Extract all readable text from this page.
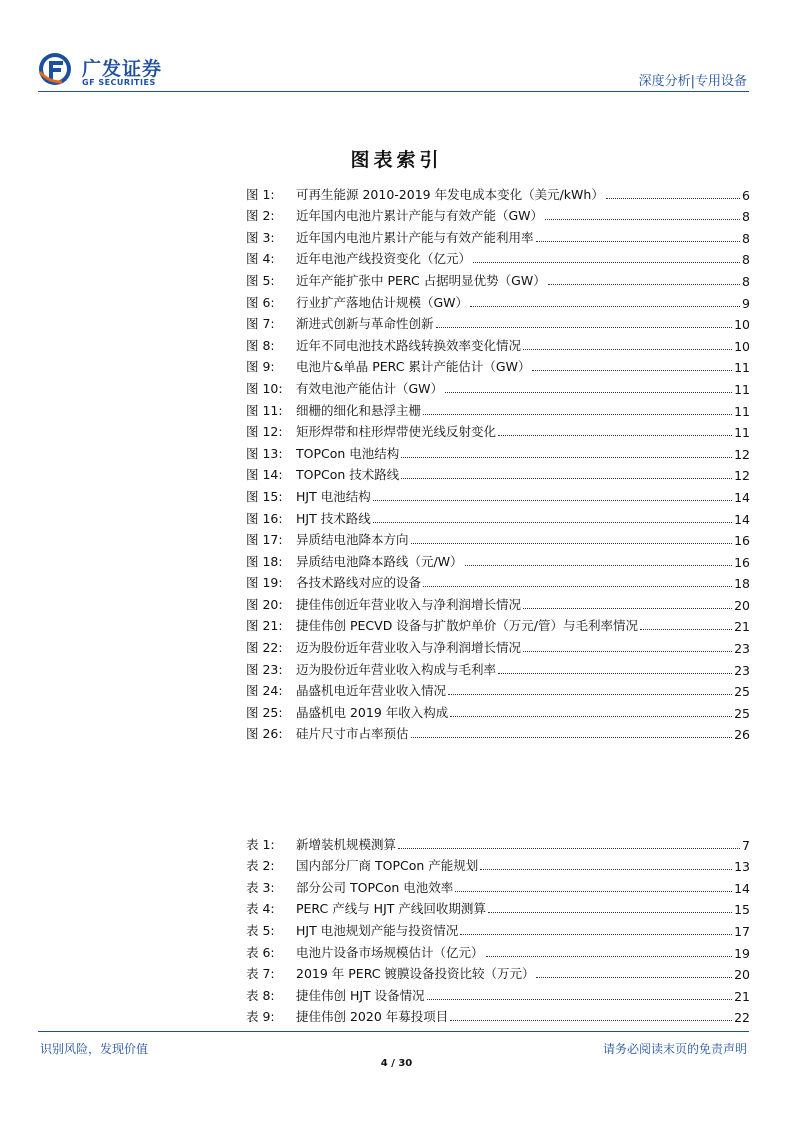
广发证券
GF SECURITIES	深度分析|专用设备
图表索引
图 1:	可再生能源 2010-2019 年发电成本变化（美元/kWh）	6
图 2:	近年国内电池片累计产能与有效产能（GW）	8
图 3:	近年国内电池片累计产能与有效产能利用率	8
图 4:	近年电池产线投资变化（亿元）	8
图 5:	近年产能扩张中 PERC 占据明显优势（GW）	8
图 6:	行业扩产落地估计规模（GW）	9
图 7:	渐进式创新与革命性创新	10
图 8:	近年不同电池技术路线转换效率变化情况	10
图 9:	电池片&单晶 PERC 累计产能估计（GW）	11
图 10:	有效电池产能估计（GW）	11
图 11:	细栅的细化和悬浮主栅	11
图 12:	矩形焊带和柱形焊带使光线反射变化	11
图 13:	TOPCon 电池结构	12
图 14:	TOPCon 技术路线	12
图 15:	HJT 电池结构	14
图 16:	HJT 技术路线	14
图 17:	异质结电池降本方向	16
图 18:	异质结电池降本路线（元/W）	16
图 19:	各技术路线对应的设备	18
图 20:	捷佳伟创近年营业收入与净利润增长情况	20
图 21:	捷佳伟创 PECVD 设备与扩散炉单价（万元/管）与毛利率情况	21
图 22:	迈为股份近年营业收入与净利润增长情况	23
图 23:	迈为股份近年营业收入构成与毛利率	23
图 24:	晶盛机电近年营业收入情况	25
图 25:	晶盛机电 2019 年收入构成	25
图 26:	硅片尺寸市占率预估	26
表 1:	新增装机规模测算	7
表 2:	国内部分厂商 TOPCon 产能规划	13
表 3:	部分公司 TOPCon 电池效率	14
表 4:	PERC 产线与 HJT 产线回收期测算	15
表 5:	HJT 电池规划产能与投资情况	17
表 6:	电池片设备市场规模估计（亿元）	19
表 7:	2019 年 PERC 镀膜设备投资比较（万元）	20
表 8:	捷佳伟创 HJT 设备情况	21
表 9:	捷佳伟创 2020 年募投项目	22
识别风险，发现价值	请务必阅读末页的免责声明
4 / 30
